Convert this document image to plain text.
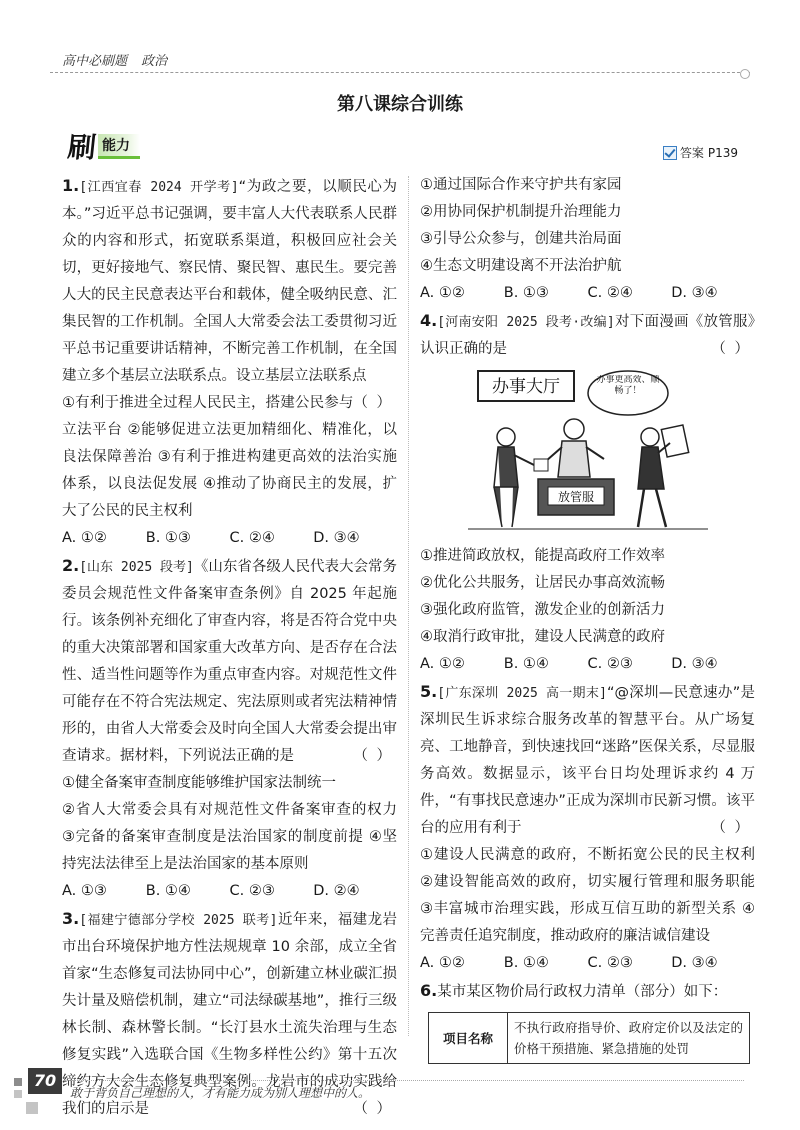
高中必刷题 政治
第八课综合训练
刷 能力	答案 P139
1.[江西宜春 2024 开学考]“为政之要，以顺民心为本。”习近平总书记强调，要丰富人大代表联系人民群众的内容和形式，拓宽联系渠道，积极回应社会关切，更好接地气、察民情、聚民智、惠民生。要完善人大的民主民意表达平台和载体，健全吸纳民意、汇集民智的工作机制。全国人大常委会法工委贯彻习近平总书记重要讲话精神，不断完善工作机制，在全国建立多个基层立法联系点。设立基层立法联系点
（ ）

①有利于推进全过程人民民主，搭建公民参与立法平台 ②能够促进立法更加精细化、精准化，以良法保障善治 ③有利于推进构建更高效的法治实施体系，以良法促发展 ④推动了协商民主的发展，扩大了公民的民主权利

A. ①②	B. ①③	C. ②④	D. ③④

2.[山东 2025 段考]《山东省各级人民代表大会常务委员会规范性文件备案审查条例》自 2025 年起施行。该条例补充细化了审查内容，将是否符合党中央的重大决策部署和国家重大改革方向、是否存在合法性、适当性问题等作为重点审查内容。对规范性文件可能存在不符合宪法规定、宪法原则或者宪法精神情形的，由省人大常委会及时向全国人大常委会提出审查请求。据材料，下列说法正确的是	（ ）

①健全备案审查制度能够维护国家法制统一

②省人大常委会具有对规范性文件备案审查的权力 ③完备的备案审查制度是法治国家的制度前提 ④坚持宪法法律至上是法治国家的基本原则

A. ①③	B. ①④	C. ②③	D. ②④

3.[福建宁德部分学校 2025 联考]近年来，福建龙岩市出台环境保护地方性法规规章 10 余部，成立全省首家“生态修复司法协同中心”，创新建立林业碳汇损失计量及赔偿机制，建立“司法绿碳基地”，推行三级林长制、森林警长制。“长汀县水土流失治理与生态修复实践”入选联合国《生物多样性公约》第十五次缔约方大会生态修复典型案例。龙岩市的成功实践给我们的启示是	（ ）

①通过国际合作来守护共有家园

②用协同保护机制提升治理能力

③引导公众参与，创建共治局面

④生态文明建设离不开法治护航

A. ①②	B. ①③	C. ②④	D. ③④

4.[河南安阳 2025 段考·改编]对下面漫画《放管服》认识正确的是	（ ）
办事大厅	办事更高效、顺畅了！
放管服

①推进简政放权，能提高政府工作效率

②优化公共服务，让居民办事高效流畅

③强化政府监管，激发企业的创新活力

④取消行政审批，建设人民满意的政府

A. ①②	B. ①④	C. ②③	D. ③④

5.[广东深圳 2025 高一期末]“@深圳—民意速办”是深圳民生诉求综合服务改革的智慧平台。从广场复亮、工地静音，到快速找回“迷路”医保关系，尽显服务高效。数据显示，该平台日均处理诉求约 4 万件，“有事找民意速办”正成为深圳市民新习惯。该平台的应用有利于	（ ）

①建设人民满意的政府，不断拓宽公民的民主权利 ②建设智能高效的政府，切实履行管理和服务职能 ③丰富城市治理实践，形成互信互助的新型关系 ④完善责任追究制度，推动政府的廉洁诚信建设

A. ①②	B. ①④	C. ②③	D. ③④

6.某市某区物价局行政权力清单（部分）如下：
项目名称	不执行政府指导价、政府定价以及法定的价格干预措施、紧急措施的处罚
70
敢于背负自己理想的人，才有能力成为别人理想中的人。
